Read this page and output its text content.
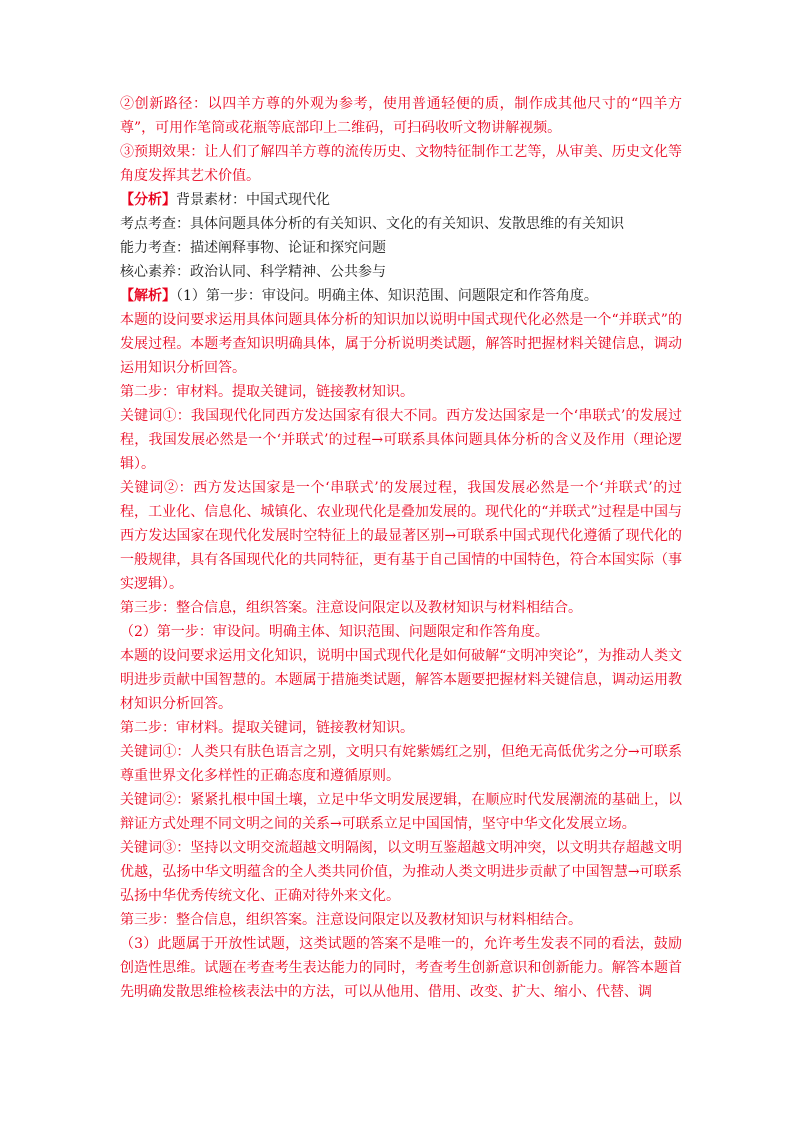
②创新路径：以四羊方尊的外观为参考，使用普通轻便的质，制作成其他尺寸的“四羊方尊”，可用作笔筒或花瓶等底部印上二维码，可扫码收听文物讲解视频。

③预期效果：让人们了解四羊方尊的流传历史、文物特征制作工艺等，从审美、历史文化等角度发挥其艺术价值。

【分析】背景素材：中国式现代化

考点考查：具体问题具体分析的有关知识、文化的有关知识、发散思维的有关知识

能力考查：描述阐释事物、论证和探究问题

核心素养：政治认同、科学精神、公共参与

【解析】（1）第一步：审设问。明确主体、知识范围、问题限定和作答角度。

本题的设问要求运用具体问题具体分析的知识加以说明中国式现代化必然是一个“并联式”的发展过程。本题考查知识明确具体，属于分析说明类试题，解答时把握材料关键信息，调动运用知识分析回答。

第二步：审材料。提取关键词，链接教材知识。

关键词①：我国现代化同西方发达国家有很大不同。西方发达国家是一个‘串联式’的发展过程，我国发展必然是一个‘并联式’的过程→可联系具体问题具体分析的含义及作用（理论逻辑）。

关键词②：西方发达国家是一个‘串联式’的发展过程，我国发展必然是一个‘并联式’的过程，工业化、信息化、城镇化、农业现代化是叠加发展的。现代化的“并联式”过程是中国与西方发达国家在现代化发展时空特征上的最显著区别→可联系中国式现代化遵循了现代化的一般规律，具有各国现代化的共同特征，更有基于自己国情的中国特色，符合本国实际（事实逻辑）。

第三步：整合信息，组织答案。注意设问限定以及教材知识与材料相结合。

（2）第一步：审设问。明确主体、知识范围、问题限定和作答角度。

本题的设问要求运用文化知识，说明中国式现代化是如何破解“文明冲突论”，为推动人类文明进步贡献中国智慧的。本题属于措施类试题，解答本题要把握材料关键信息，调动运用教材知识分析回答。

第二步：审材料。提取关键词，链接教材知识。

关键词①：人类只有肤色语言之别，文明只有姹紫嫣红之别，但绝无高低优劣之分→可联系尊重世界文化多样性的正确态度和遵循原则。

关键词②：紧紧扎根中国土壤，立足中华文明发展逻辑，在顺应时代发展潮流的基础上，以辩证方式处理不同文明之间的关系→可联系立足中国国情，坚守中华文化发展立场。

关键词③：坚持以文明交流超越文明隔阂，以文明互鉴超越文明冲突，以文明共存超越文明优越，弘扬中华文明蕴含的全人类共同价值，为推动人类文明进步贡献了中国智慧→可联系弘扬中华优秀传统文化、正确对待外来文化。

第三步：整合信息，组织答案。注意设问限定以及教材知识与材料相结合。

（3）此题属于开放性试题，这类试题的答案不是唯一的，允许考生发表不同的看法，鼓励创造性思维。试题在考查考生表达能力的同时，考查考生创新意识和创新能力。解答本题首先明确发散思维检核表法中的方法，可以从他用、借用、改变、扩大、缩小、代替、调
